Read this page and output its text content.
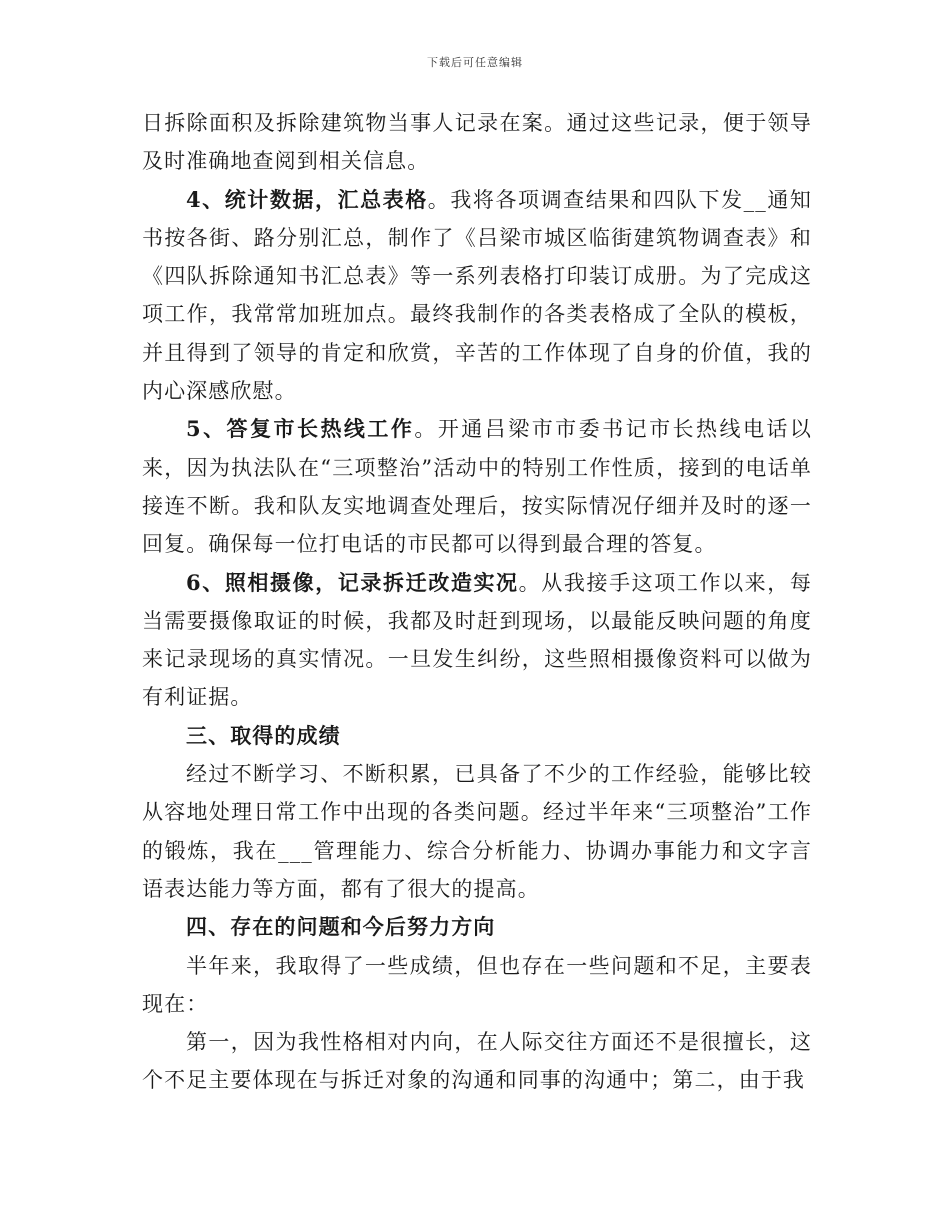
下载后可任意编辑

日拆除面积及拆除建筑物当事人记录在案。通过这些记录，便于领导及时准确地查阅到相关信息。

4、统计数据，汇总表格。我将各项调查结果和四队下发__通知书按各街、路分别汇总，制作了《吕梁市城区临街建筑物调查表》和《四队拆除通知书汇总表》等一系列表格打印装订成册。为了完成这项工作，我常常加班加点。最终我制作的各类表格成了全队的模板，并且得到了领导的肯定和欣赏，辛苦的工作体现了自身的价值，我的内心深感欣慰。

5、答复市长热线工作。开通吕梁市市委书记市长热线电话以来，因为执法队在“三项整治”活动中的特别工作性质，接到的电话单接连不断。我和队友实地调查处理后，按实际情况仔细并及时的逐一回复。确保每一位打电话的市民都可以得到最合理的答复。

6、照相摄像，记录拆迁改造实况。从我接手这项工作以来，每当需要摄像取证的时候，我都及时赶到现场，以最能反映问题的角度来记录现场的真实情况。一旦发生纠纷，这些照相摄像资料可以做为有利证据。

三、取得的成绩

经过不断学习、不断积累，已具备了不少的工作经验，能够比较从容地处理日常工作中出现的各类问题。经过半年来“三项整治”工作的锻炼，我在___管理能力、综合分析能力、协调办事能力和文字言语表达能力等方面，都有了很大的提高。

四、存在的问题和今后努力方向

半年来，我取得了一些成绩，但也存在一些问题和不足，主要表现在：

第一，因为我性格相对内向，在人际交往方面还不是很擅长，这个不足主要体现在与拆迁对象的沟通和同事的沟通中；第二，由于我
